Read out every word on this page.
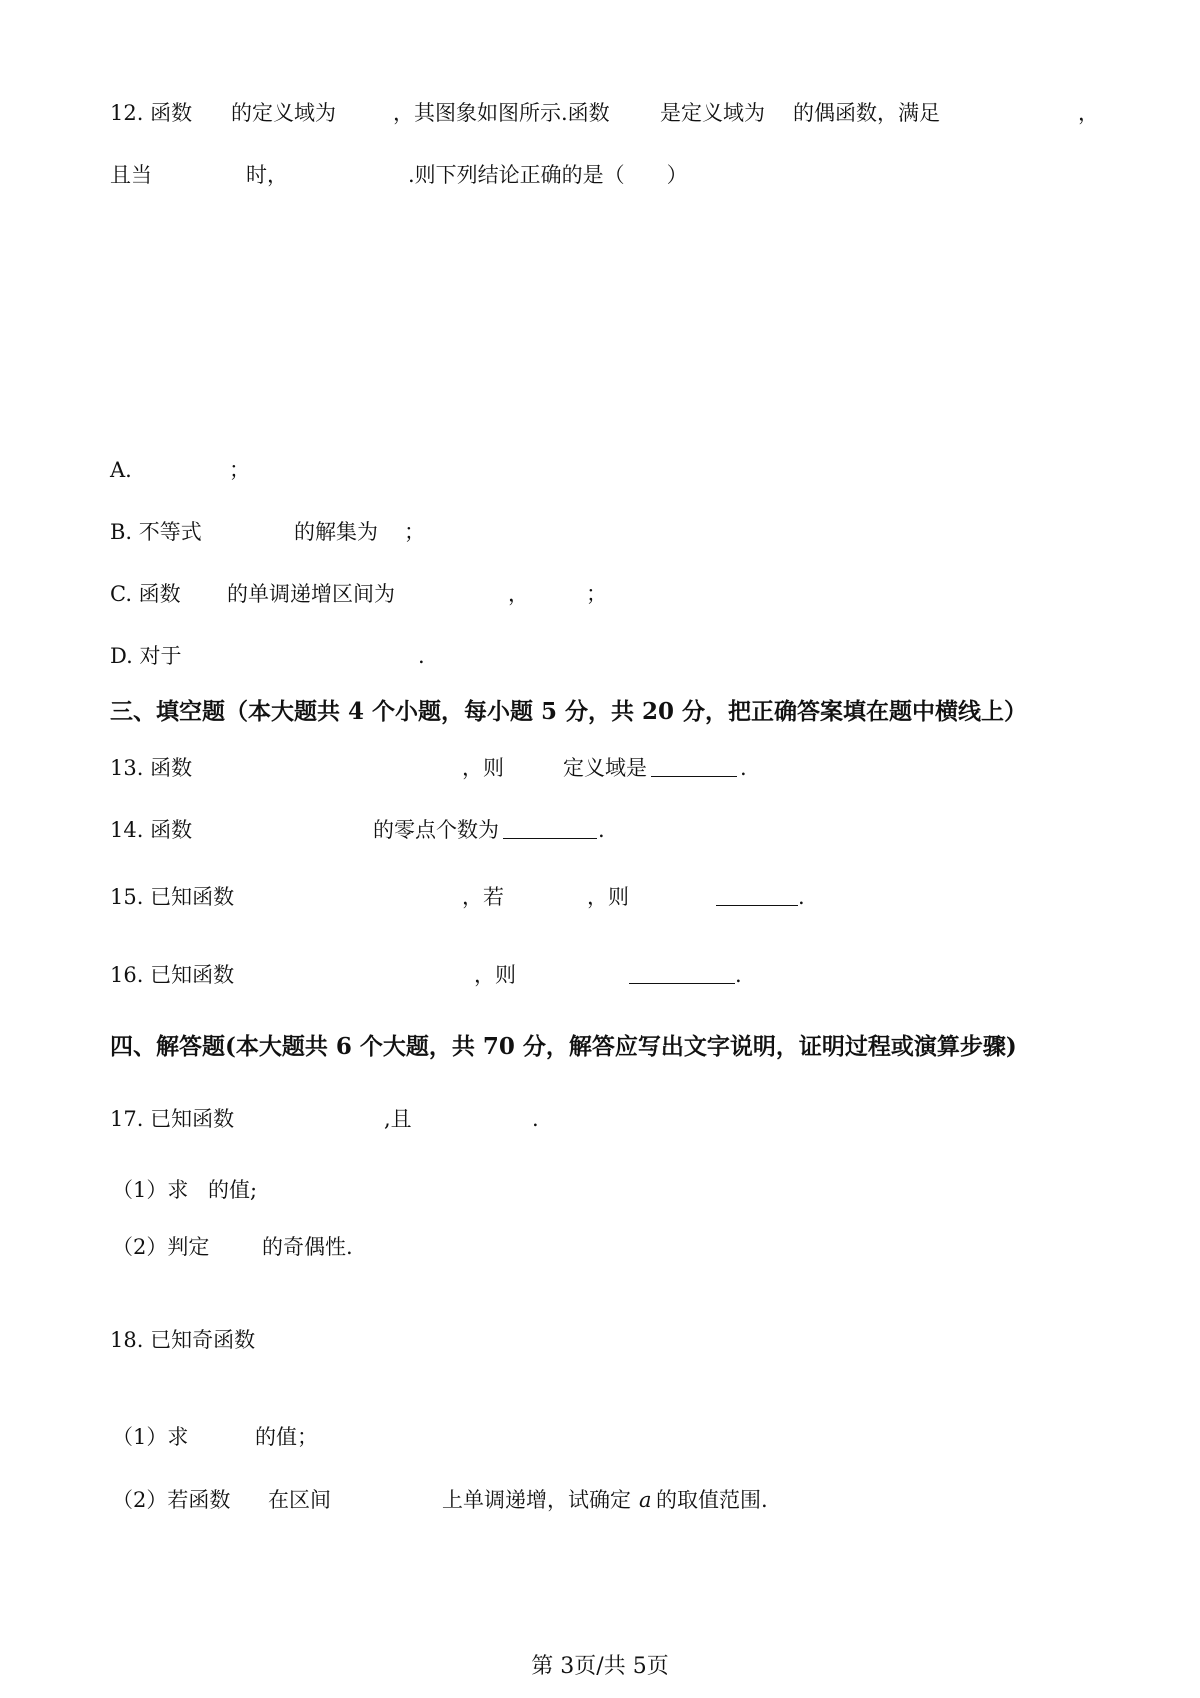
12. 函数 的定义域为	，其图象如图所示.函数 是定义域为 的偶函数，满足	，
且当	时，	.则下列结论正确的是（　　）
A.	；
B. 不等式	的解集为 ；
C. 函数 的单调递增区间为	，	；
D. 对于	.
三、填空题（本大题共 4 个小题，每小题 5 分，共 20 分，把正确答案填在题中横线上）
13. 函数	，则	定义域是	.
14. 函数	的零点个数为	.
15. 已知函数	，若	，则	.
16. 已知函数	，则	.
四、解答题(本大题共 6 个大题，共 70 分，解答应写出文字说明，证明过程或演算步骤)
17. 已知函数	,且	.
（1）求 的值;
（2）判定	的奇偶性.
18. 已知奇函数
（1）求	的值；
（2）若函数 在区间	上单调递增，试确定 a 的取值范围.
第 3页/共 5页
